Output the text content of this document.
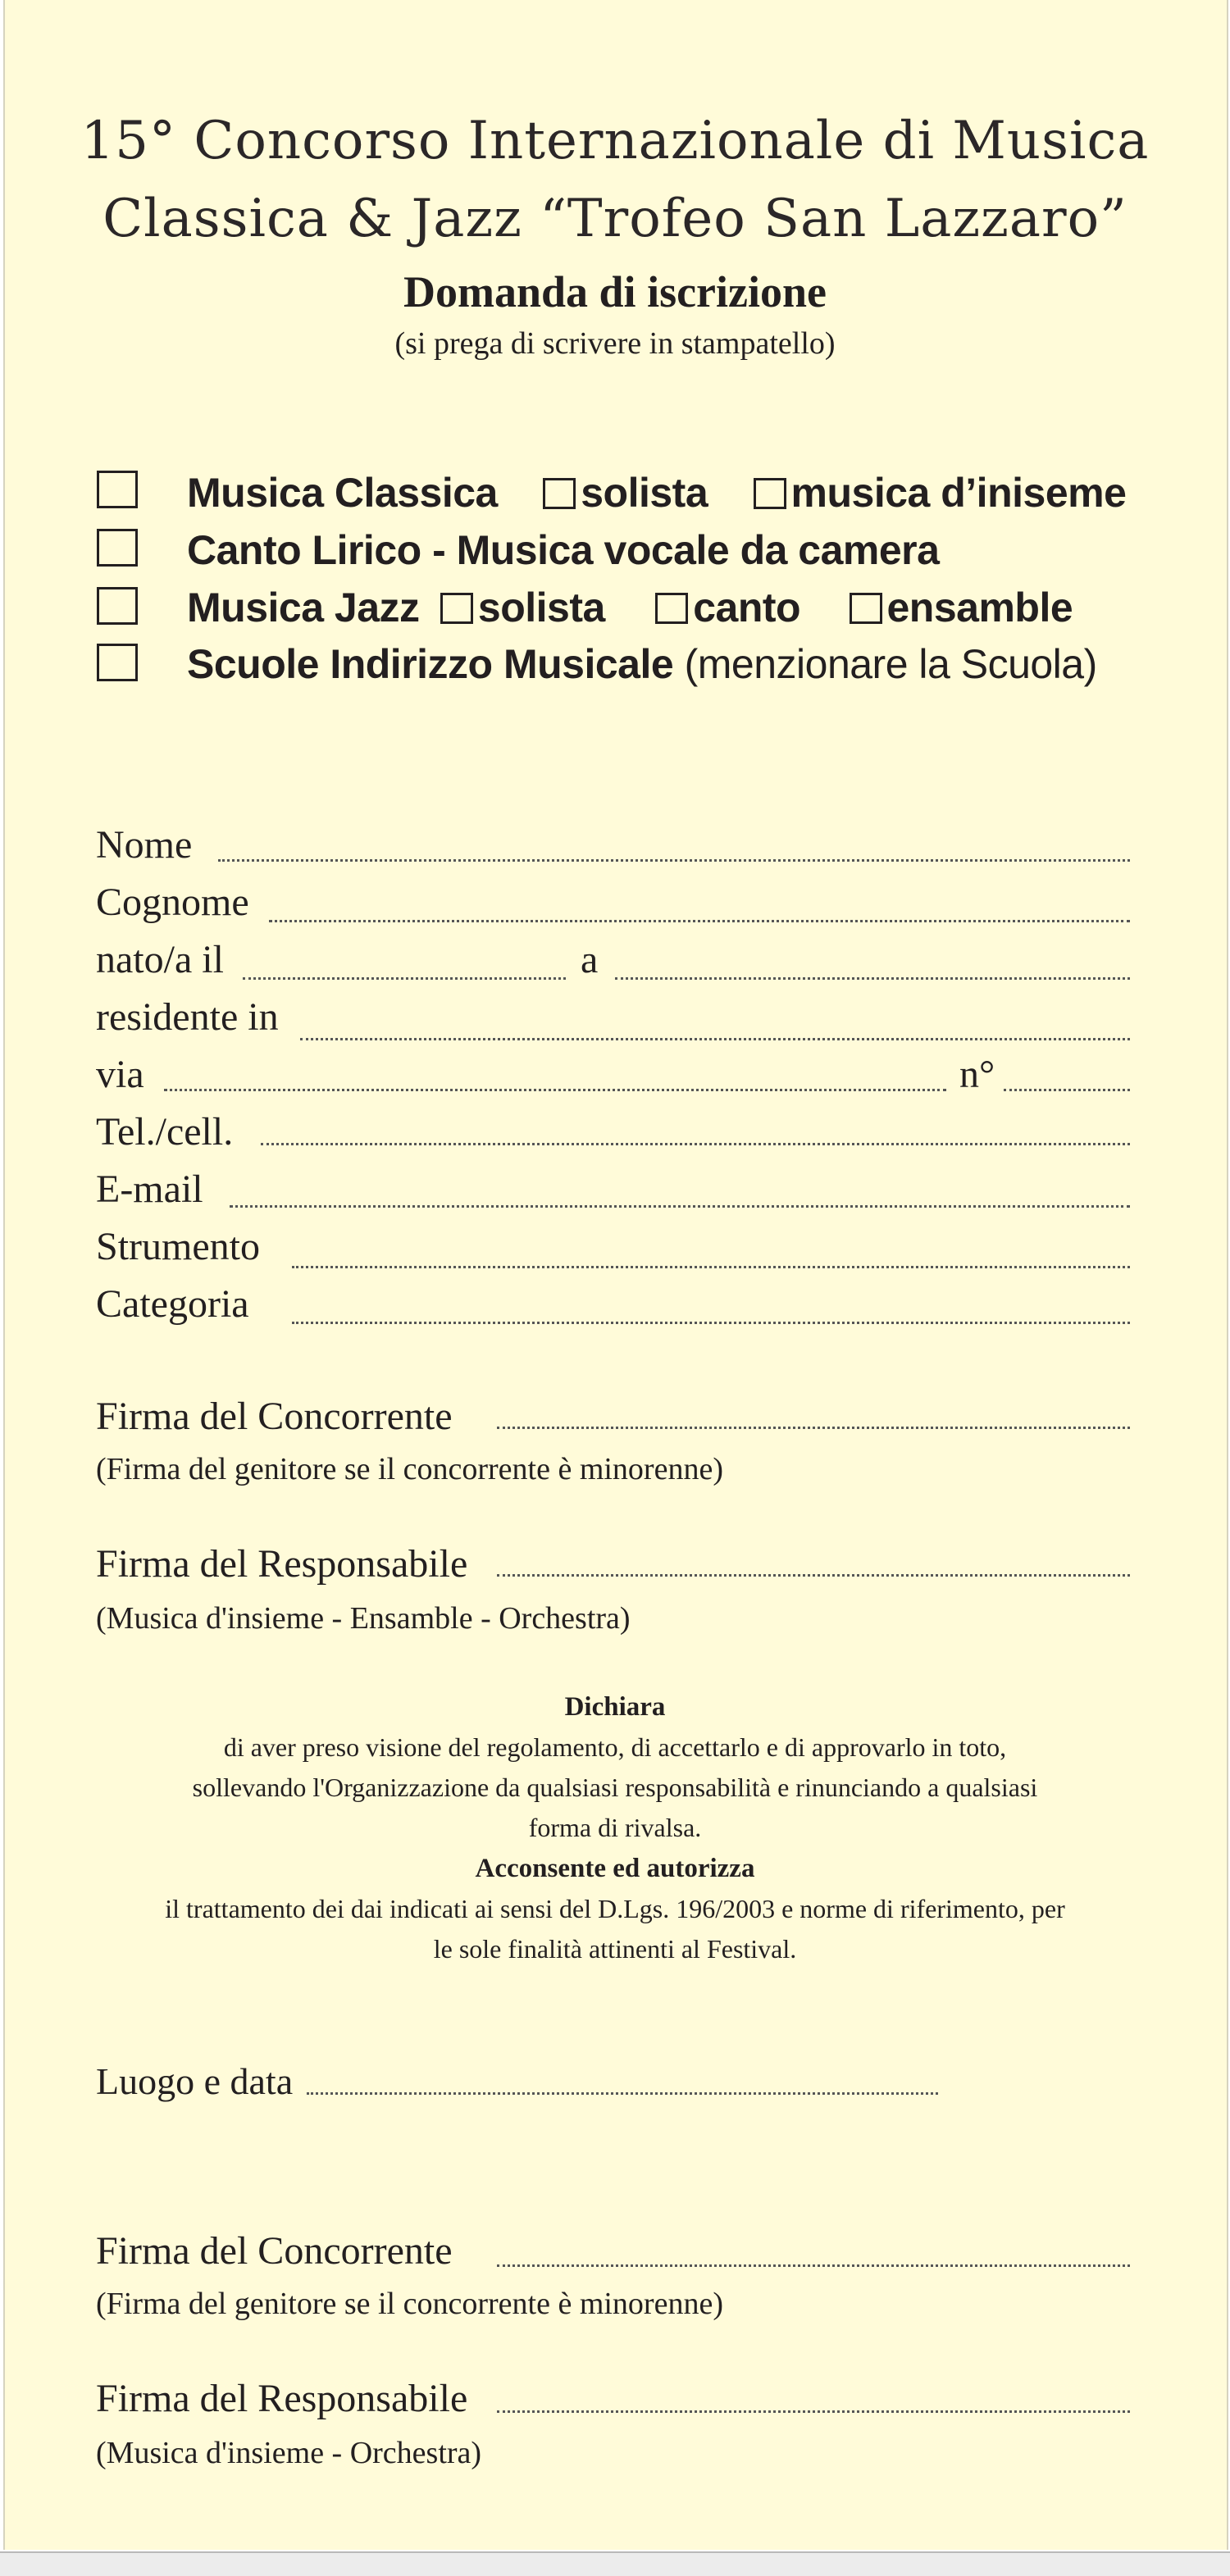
15° Concorso Internazionale di Musica
Classica & Jazz “Trofeo San Lazzaro”
Domanda di iscrizione
(si prega di scrivere in stampatello)
Musica Classica solista musica d’iniseme
Canto Lirico - Musica vocale da camera
Musica Jazz solista canto ensamble
Scuole Indirizzo Musicale (menzionare la Scuola)
Nome
Cognome
nato/a il	a
residente in
via	n°
Tel./cell.
E-mail
Strumento
Categoria
Firma del Concorrente
(Firma del genitore se il concorrente è minorenne)
Firma del Responsabile
(Musica d'insieme - Ensamble - Orchestra)
Dichiara
di aver preso visione del regolamento, di accettarlo e di approvarlo in toto,
sollevando l'Organizzazione da qualsiasi responsabilità e rinunciando a qualsiasi
forma di rivalsa.
Acconsente ed autorizza
il trattamento dei dai indicati ai sensi del D.Lgs. 196/2003 e norme di riferimento, per
le sole finalità attinenti al Festival.
Luogo e data
Firma del Concorrente
(Firma del genitore se il concorrente è minorenne)
Firma del Responsabile
(Musica d'insieme - Orchestra)
